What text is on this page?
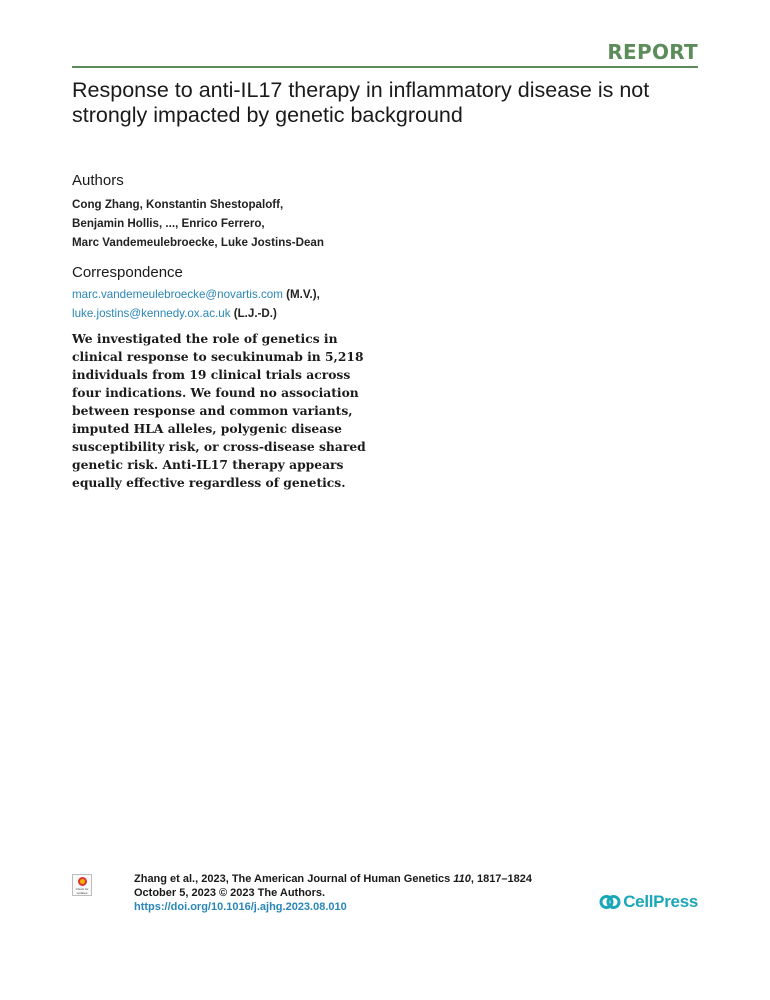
REPORT
Response to anti-IL17 therapy in inflammatory disease is not strongly impacted by genetic background
Authors
Cong Zhang, Konstantin Shestopaloff,
Benjamin Hollis, ..., Enrico Ferrero,
Marc Vandemeulebroecke, Luke Jostins-Dean
Correspondence
marc.vandemeulebroecke@novartis.com (M.V.),
luke.jostins@kennedy.ox.ac.uk (L.J.-D.)

We investigated the role of genetics in clinical response to secukinumab in 5,218 individuals from 19 clinical trials across four indications. We found no association between response and common variants, imputed HLA alleles, polygenic disease susceptibility risk, or cross-disease shared genetic risk. Anti-IL17 therapy appears equally effective regardless of genetics.

Check for updates
Zhang et al., 2023, The American Journal of Human Genetics 110, 1817–1824
October 5, 2023 © 2023 The Authors.
https://doi.org/10.1016/j.ajhg.2023.08.010	CellPress
